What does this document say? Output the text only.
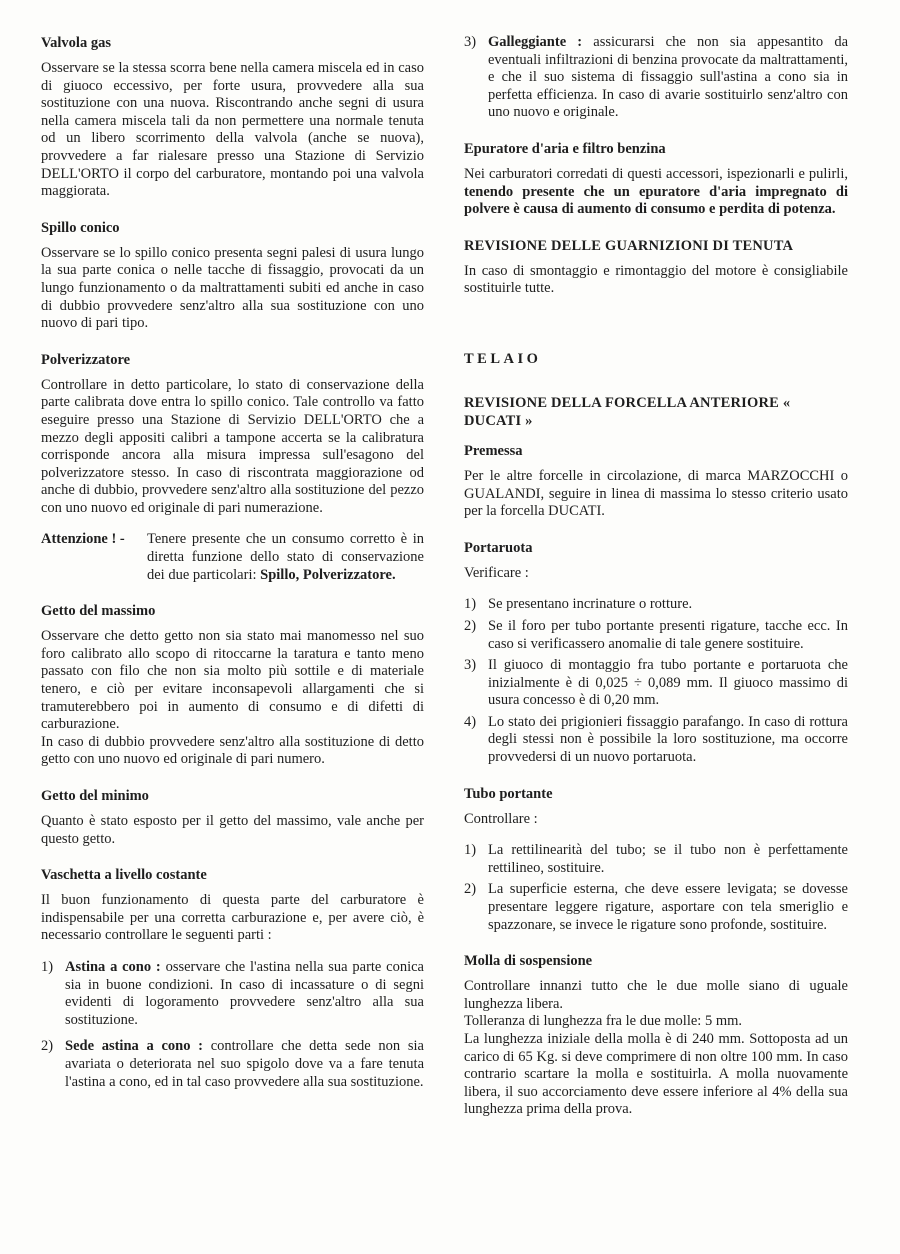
Valvola gas

Osservare se la stessa scorra bene nella camera miscela ed in caso di giuoco eccessivo, per forte usura, provvedere alla sua sostituzione con una nuova. Riscontrando anche segni di usura nella camera miscela tali da non permettere una normale tenuta od un libero scorrimento della valvola (anche se nuova), provvedere a far rialesare presso una Stazione di Servizio DELL'ORTO il corpo del carburatore, montando poi una valvola maggiorata.

Spillo conico

Osservare se lo spillo conico presenta segni palesi di usura lungo la sua parte conica o nelle tacche di fissaggio, provocati da un lungo funzionamento o da maltrattamenti subiti ed anche in caso di dubbio provvedere senz'altro alla sua sostituzione con uno nuovo di pari tipo.

Polverizzatore

Controllare in detto particolare, lo stato di conservazione della parte calibrata dove entra lo spillo conico. Tale controllo va fatto eseguire presso una Stazione di Servizio DELL'ORTO che a mezzo degli appositi calibri a tampone accerta se la calibratura corrisponde ancora alla misura impressa sull'esagono del polverizzatore stesso. In caso di riscontrata maggiorazione od anche di dubbio, provvedere senz'altro alla sostituzione del pezzo con uno nuovo ed originale di pari numerazione.

Attenzione ! -	Tenere presente che un consumo corretto è in diretta funzione dello stato di conservazione dei due particolari: Spillo, Polverizzatore.
Getto del massimo

Osservare che detto getto non sia stato mai manomesso nel suo foro calibrato allo scopo di ritoccarne la taratura e tanto meno passato con filo che non sia molto più sottile e di materiale tenero, e ciò per evitare inconsapevoli allargamenti che si tramuterebbero poi in aumento di consumo e di difetti di carburazione.

In caso di dubbio provvedere senz'altro alla sostituzione di detto getto con uno nuovo ed originale di pari numero.

Getto del minimo

Quanto è stato esposto per il getto del massimo, vale anche per questo getto.

Vaschetta a livello costante

Il buon funzionamento di questa parte del carburatore è indispensabile per una corretta carburazione e, per avere ciò, è necessario controllare le seguenti parti :

1) Astina a cono : osservare che l'astina nella sua parte conica sia in buone condizioni. In caso di incassature o di segni evidenti di logoramento provvedere senz'altro alla sua sostituzione.
2) Sede astina a cono : controllare che detta sede non sia avariata o deteriorata nel suo spigolo dove va a fare tenuta l'astina a cono, ed in tal caso provvedere alla sua sostituzione.
3) Galleggiante : assicurarsi che non sia appesantito da eventuali infiltrazioni di benzina provocate da maltrattamenti, e che il suo sistema di fissaggio sull'astina a cono sia in perfetta efficienza. In caso di avarie sostituirlo senz'altro con uno nuovo e originale.
Epuratore d'aria e filtro benzina

Nei carburatori corredati di questi accessori, ispezionarli e pulirli, tenendo presente che un epuratore d'aria impregnato di polvere è causa di aumento di consumo e perdita di potenza.

REVISIONE DELLE GUARNIZIONI DI TENUTA

In caso di smontaggio e rimontaggio del motore è consigliabile sostituirle tutte.

TELAIO
REVISIONE DELLA FORCELLA ANTERIORE « DUCATI »
Premessa

Per le altre forcelle in circolazione, di marca MARZOCCHI o GUALANDI, seguire in linea di massima lo stesso criterio usato per la forcella DUCATI.

Portaruota

Verificare :

1) Se presentano incrinature o rotture.
2) Se il foro per tubo portante presenti rigature, tacche ecc. In caso si verificassero anomalie di tale genere sostituire.
3) Il giuoco di montaggio fra tubo portante e portaruota che inizialmente è di 0,025 ÷ 0,089 mm. Il giuoco massimo di usura concesso è di 0,20 mm.
4) Lo stato dei prigionieri fissaggio parafango. In caso di rottura degli stessi non è possibile la loro sostituzione, ma occorre provvedersi di un nuovo portaruota.
Tubo portante

Controllare :

1) La rettilinearità del tubo; se il tubo non è perfettamente rettilineo, sostituire.
2) La superficie esterna, che deve essere levigata; se dovesse presentare leggere rigature, asportare con tela smeriglio e spazzonare, se invece le rigature sono profonde, sostituire.
Molla di sospensione

Controllare innanzi tutto che le due molle siano di uguale lunghezza libera.

Tolleranza di lunghezza fra le due molle: 5 mm.

La lunghezza iniziale della molla è di 240 mm. Sottoposta ad un carico di 65 Kg. si deve comprimere di non oltre 100 mm. In caso contrario scartare la molla e sostituirla. A molla nuovamente libera, il suo accorciamento deve essere inferiore al 4% della sua lunghezza prima della prova.
